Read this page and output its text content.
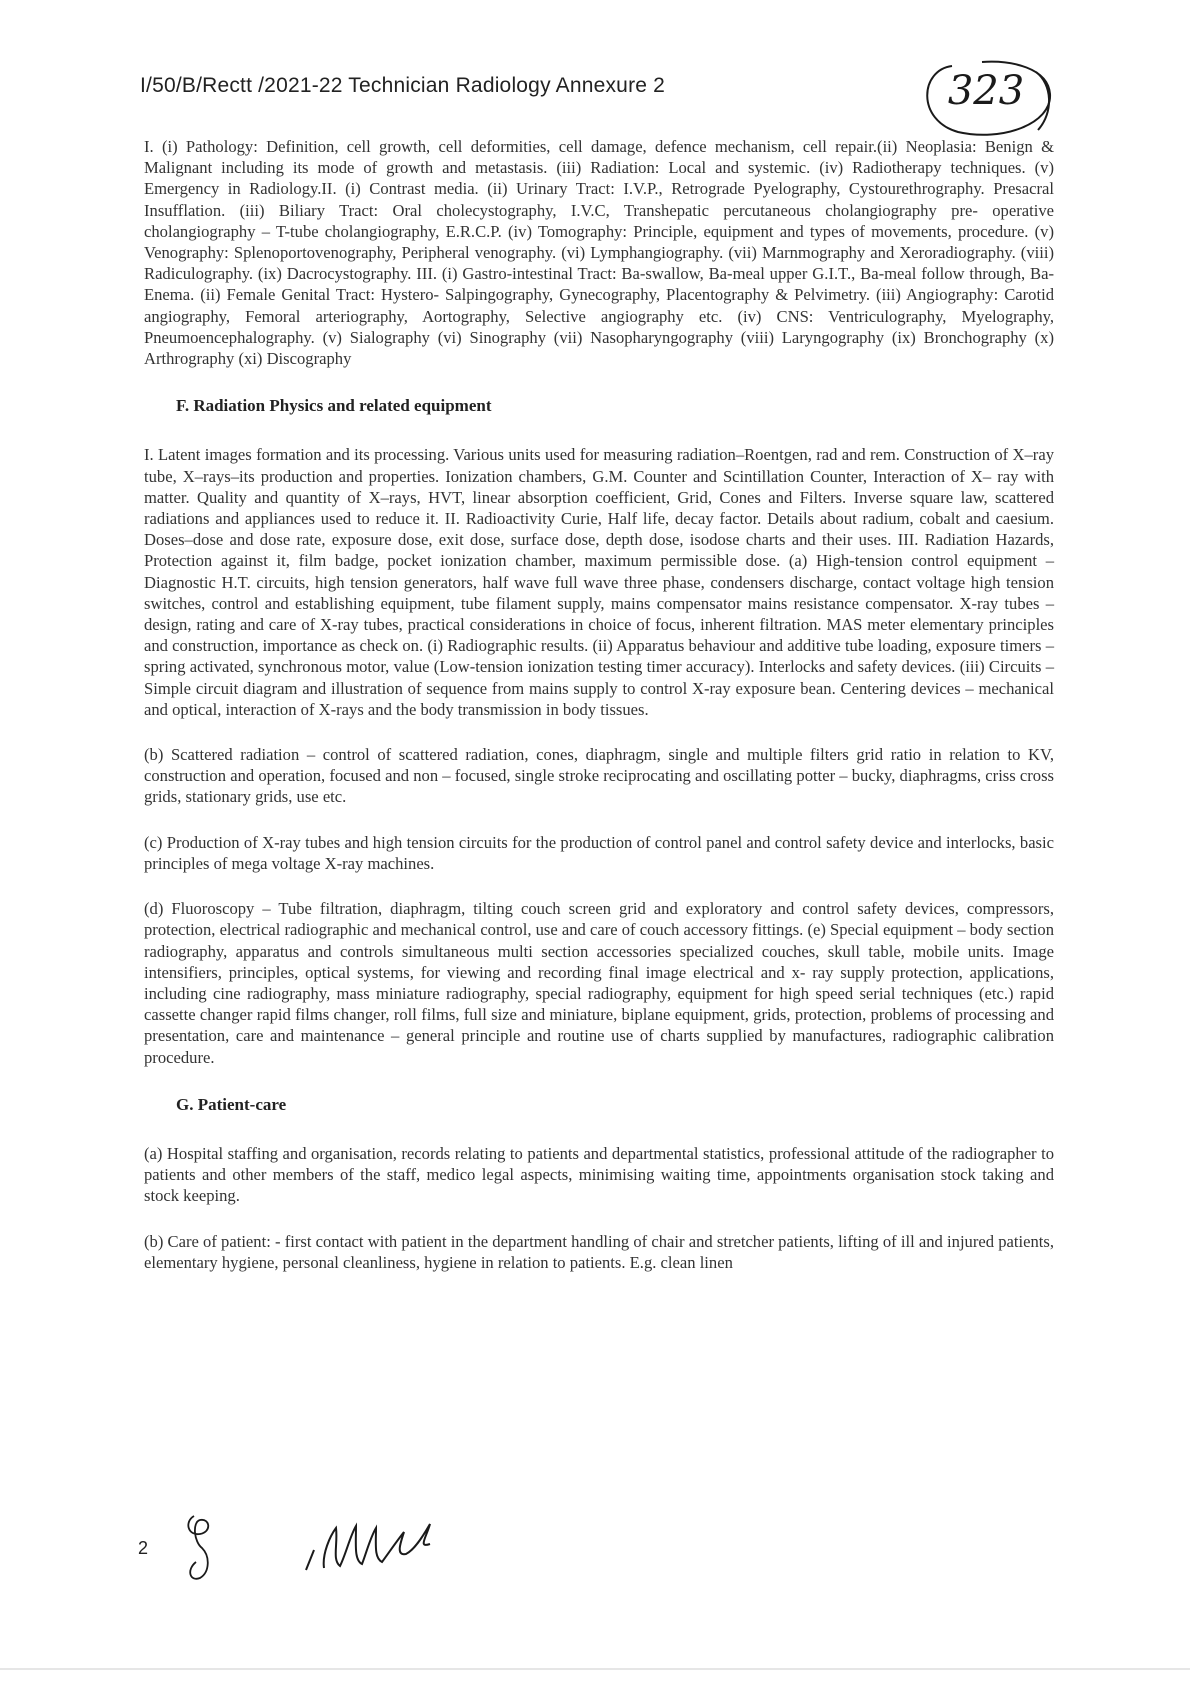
I/50/B/Rectt /2021-22 Technician Radiology Annexure 2	323

I. (i) Pathology: Definition, cell growth, cell deformities, cell damage, defence mechanism, cell repair.(ii) Neoplasia: Benign & Malignant including its mode of growth and metastasis. (iii) Radiation: Local and systemic. (iv) Radiotherapy techniques. (v) Emergency in Radiology.II. (i) Contrast media. (ii) Urinary Tract: I.V.P., Retrograde Pyelography, Cystourethrography. Presacral Insufflation. (iii) Biliary Tract: Oral cholecystography, I.V.C, Transhepatic percutaneous cholangiography pre- operative cholangiography – T-tube cholangiography, E.R.C.P. (iv) Tomography: Principle, equipment and types of movements, procedure. (v) Venography: Splenoportovenography, Peripheral venography. (vi) Lymphangiography. (vii) Marnmography and Xeroradiography. (viii) Radiculography. (ix) Dacrocystography. III. (i) Gastro-intestinal Tract: Ba-swallow, Ba-meal upper G.I.T., Ba-meal follow through, Ba-Enema. (ii) Female Genital Tract: Hystero- Salpingography, Gynecography, Placentography & Pelvimetry. (iii) Angiography: Carotid angiography, Femoral arteriography, Aortography, Selective angiography etc. (iv) CNS: Ventriculography, Myelography, Pneumoencephalography. (v) Sialography (vi) Sinography (vii) Nasopharyngography (viii) Laryngography (ix) Bronchography (x) Arthrography (xi) Discography

F. Radiation Physics and related equipment

I. Latent images formation and its processing. Various units used for measuring radiation–Roentgen, rad and rem. Construction of X–ray tube, X–rays–its production and properties. Ionization chambers, G.M. Counter and Scintillation Counter, Interaction of X– ray with matter. Quality and quantity of X–rays, HVT, linear absorption coefficient, Grid, Cones and Filters. Inverse square law, scattered radiations and appliances used to reduce it. II. Radioactivity Curie, Half life, decay factor. Details about radium, cobalt and caesium. Doses–dose and dose rate, exposure dose, exit dose, surface dose, depth dose, isodose charts and their uses. III. Radiation Hazards, Protection against it, film badge, pocket ionization chamber, maximum permissible dose. (a) High-tension control equipment – Diagnostic H.T. circuits, high tension generators, half wave full wave three phase, condensers discharge, contact voltage high tension switches, control and establishing equipment, tube filament supply, mains compensator mains resistance compensator. X-ray tubes – design, rating and care of X-ray tubes, practical considerations in choice of focus, inherent filtration. MAS meter elementary principles and construction, importance as check on. (i) Radiographic results. (ii) Apparatus behaviour and additive tube loading, exposure timers – spring activated, synchronous motor, value (Low-tension ionization testing timer accuracy). Interlocks and safety devices. (iii) Circuits – Simple circuit diagram and illustration of sequence from mains supply to control X-ray exposure bean. Centering devices – mechanical and optical, interaction of X-rays and the body transmission in body tissues.

(b) Scattered radiation – control of scattered radiation, cones, diaphragm, single and multiple filters grid ratio in relation to KV, construction and operation, focused and non – focused, single stroke reciprocating and oscillating potter – bucky, diaphragms, criss cross grids, stationary grids, use etc.

(c) Production of X-ray tubes and high tension circuits for the production of control panel and control safety device and interlocks, basic principles of mega voltage X-ray machines.

(d) Fluoroscopy – Tube filtration, diaphragm, tilting couch screen grid and exploratory and control safety devices, compressors, protection, electrical radiographic and mechanical control, use and care of couch accessory fittings. (e) Special equipment – body section radiography, apparatus and controls simultaneous multi section accessories specialized couches, skull table, mobile units. Image intensifiers, principles, optical systems, for viewing and recording final image electrical and x- ray supply protection, applications, including cine radiography, mass miniature radiography, special radiography, equipment for high speed serial techniques (etc.) rapid cassette changer rapid films changer, roll films, full size and miniature, biplane equipment, grids, protection, problems of processing and presentation, care and maintenance – general principle and routine use of charts supplied by manufactures, radiographic calibration procedure.

G. Patient-care

(a) Hospital staffing and organisation, records relating to patients and departmental statistics, professional attitude of the radiographer to patients and other members of the staff, medico legal aspects, minimising waiting time, appointments organisation stock taking and stock keeping.

(b) Care of patient: - first contact with patient in the department handling of chair and stretcher patients, lifting of ill and injured patients, elementary hygiene, personal cleanliness, hygiene in relation to patients. E.g. clean linen

2
